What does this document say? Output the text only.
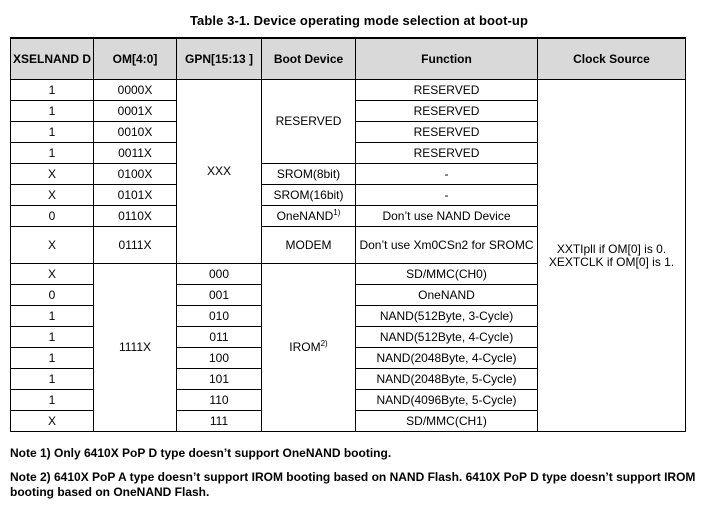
Table 3-1. Device operating mode selection at boot-up
XSELNAND D	OM[4:0]	GPN[15:13 ]	Boot Device	Function	Clock Source
1	0000X	XXX	RESERVED	RESERVED	XXTIpll if OM[0] is 0.
XEXTCLK if OM[0] is 1.
1	0001X			RESERVED	
1	0010X			RESERVED	
1	0011X			RESERVED	
X	0100X		SROM(8bit)	-	
X	0101X		SROM(16bit)	-	
0	0110X		OneNAND$^{1)}$	Don’t use NAND Device	
X	0111X		MODEM	Don’t use Xm0CSn2 for SROMC	
X	1111X	000	IROM$^{2)}$	SD/MMC(CH0)	
0		001		OneNAND	
1		010		NAND(512Byte, 3-Cycle)	
1		011		NAND(512Byte, 4-Cycle)	
1		100		NAND(2048Byte, 4-Cycle)	
1		101		NAND(2048Byte, 5-Cycle)	
1		110		NAND(4096Byte, 5-Cycle)	
X		111		SD/MMC(CH1)	

Note 1) Only 6410X PoP D type doesn’t support OneNAND booting.

Note 2) 6410X PoP A type doesn’t support IROM booting based on NAND Flash. 6410X PoP D type doesn’t support IROM booting based on OneNAND Flash.
